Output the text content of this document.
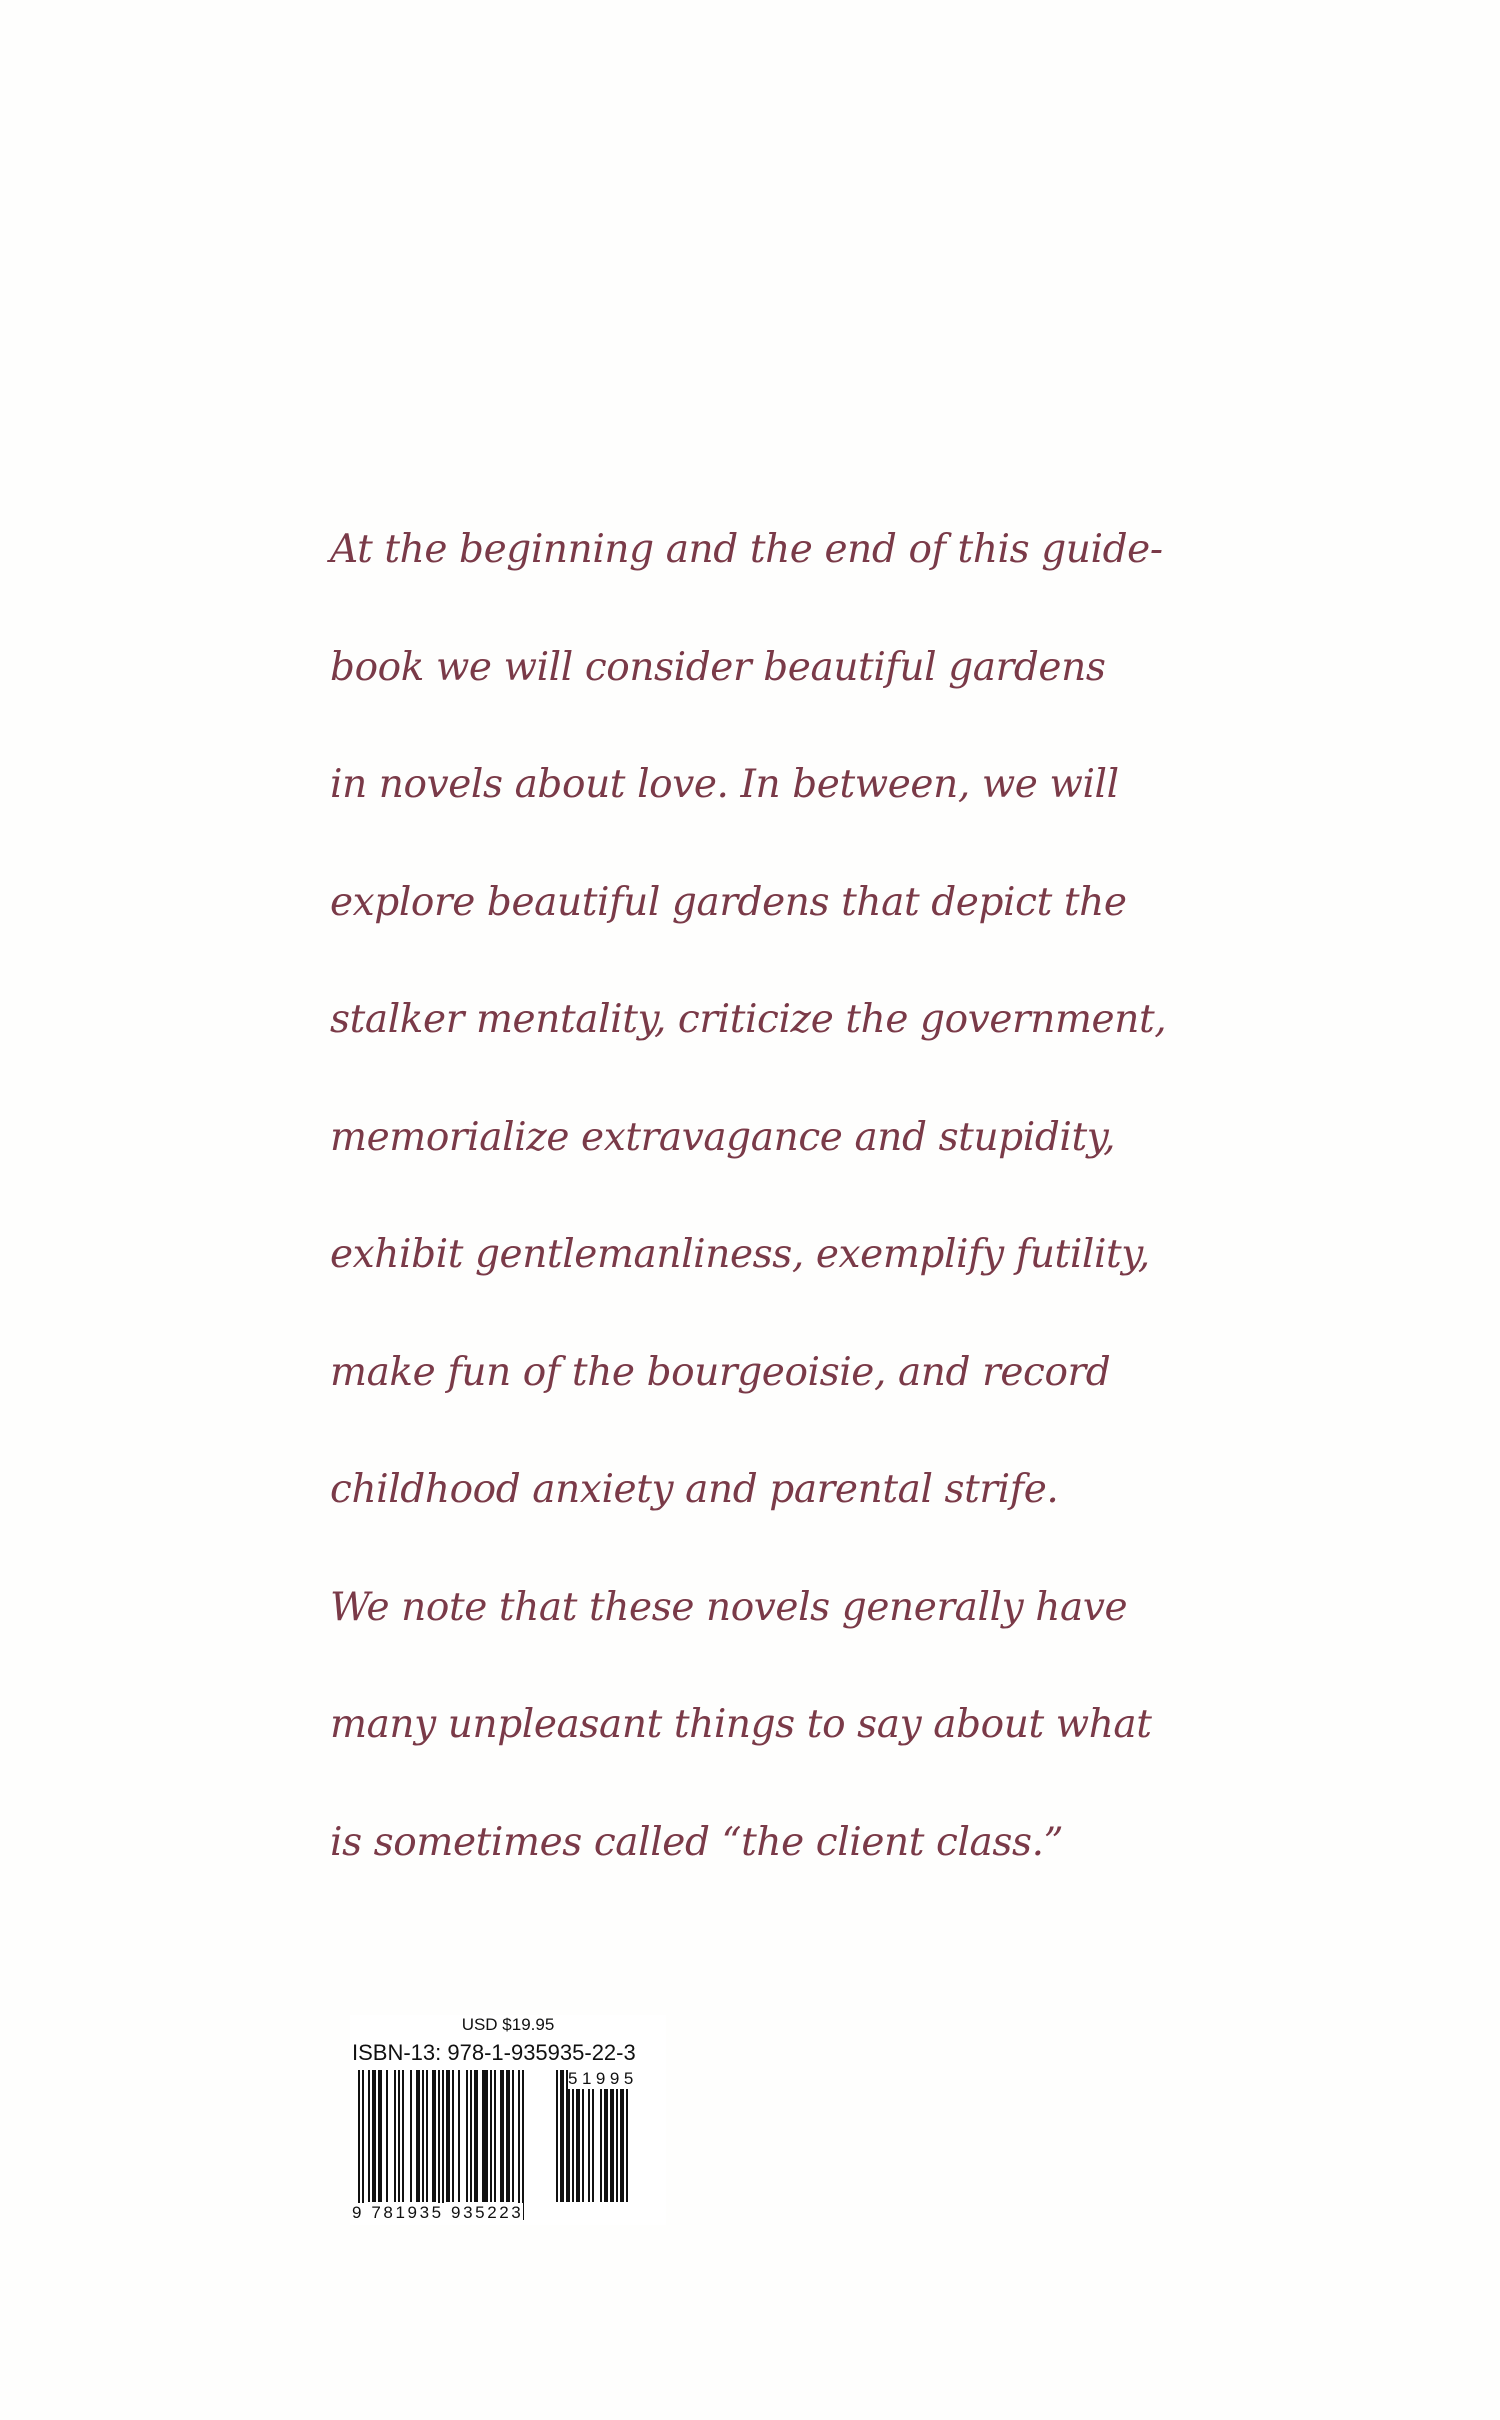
At the beginning and the end of this guide-
book we will consider beautiful gardens
in novels about love. In between, we will
explore beautiful gardens that depict the
stalker mentality, criticize the government,
memorialize extravagance and stupidity,
exhibit gentlemanliness, exemplify futility,
make fun of the bourgeoisie, and record
childhood anxiety and parental strife.
We note that these novels generally have
many unpleasant things to say about what
is sometimes called “the client class.”
USD $19.95
ISBN-13: 978-1-935935-22-3
9 781935 935223
51995
